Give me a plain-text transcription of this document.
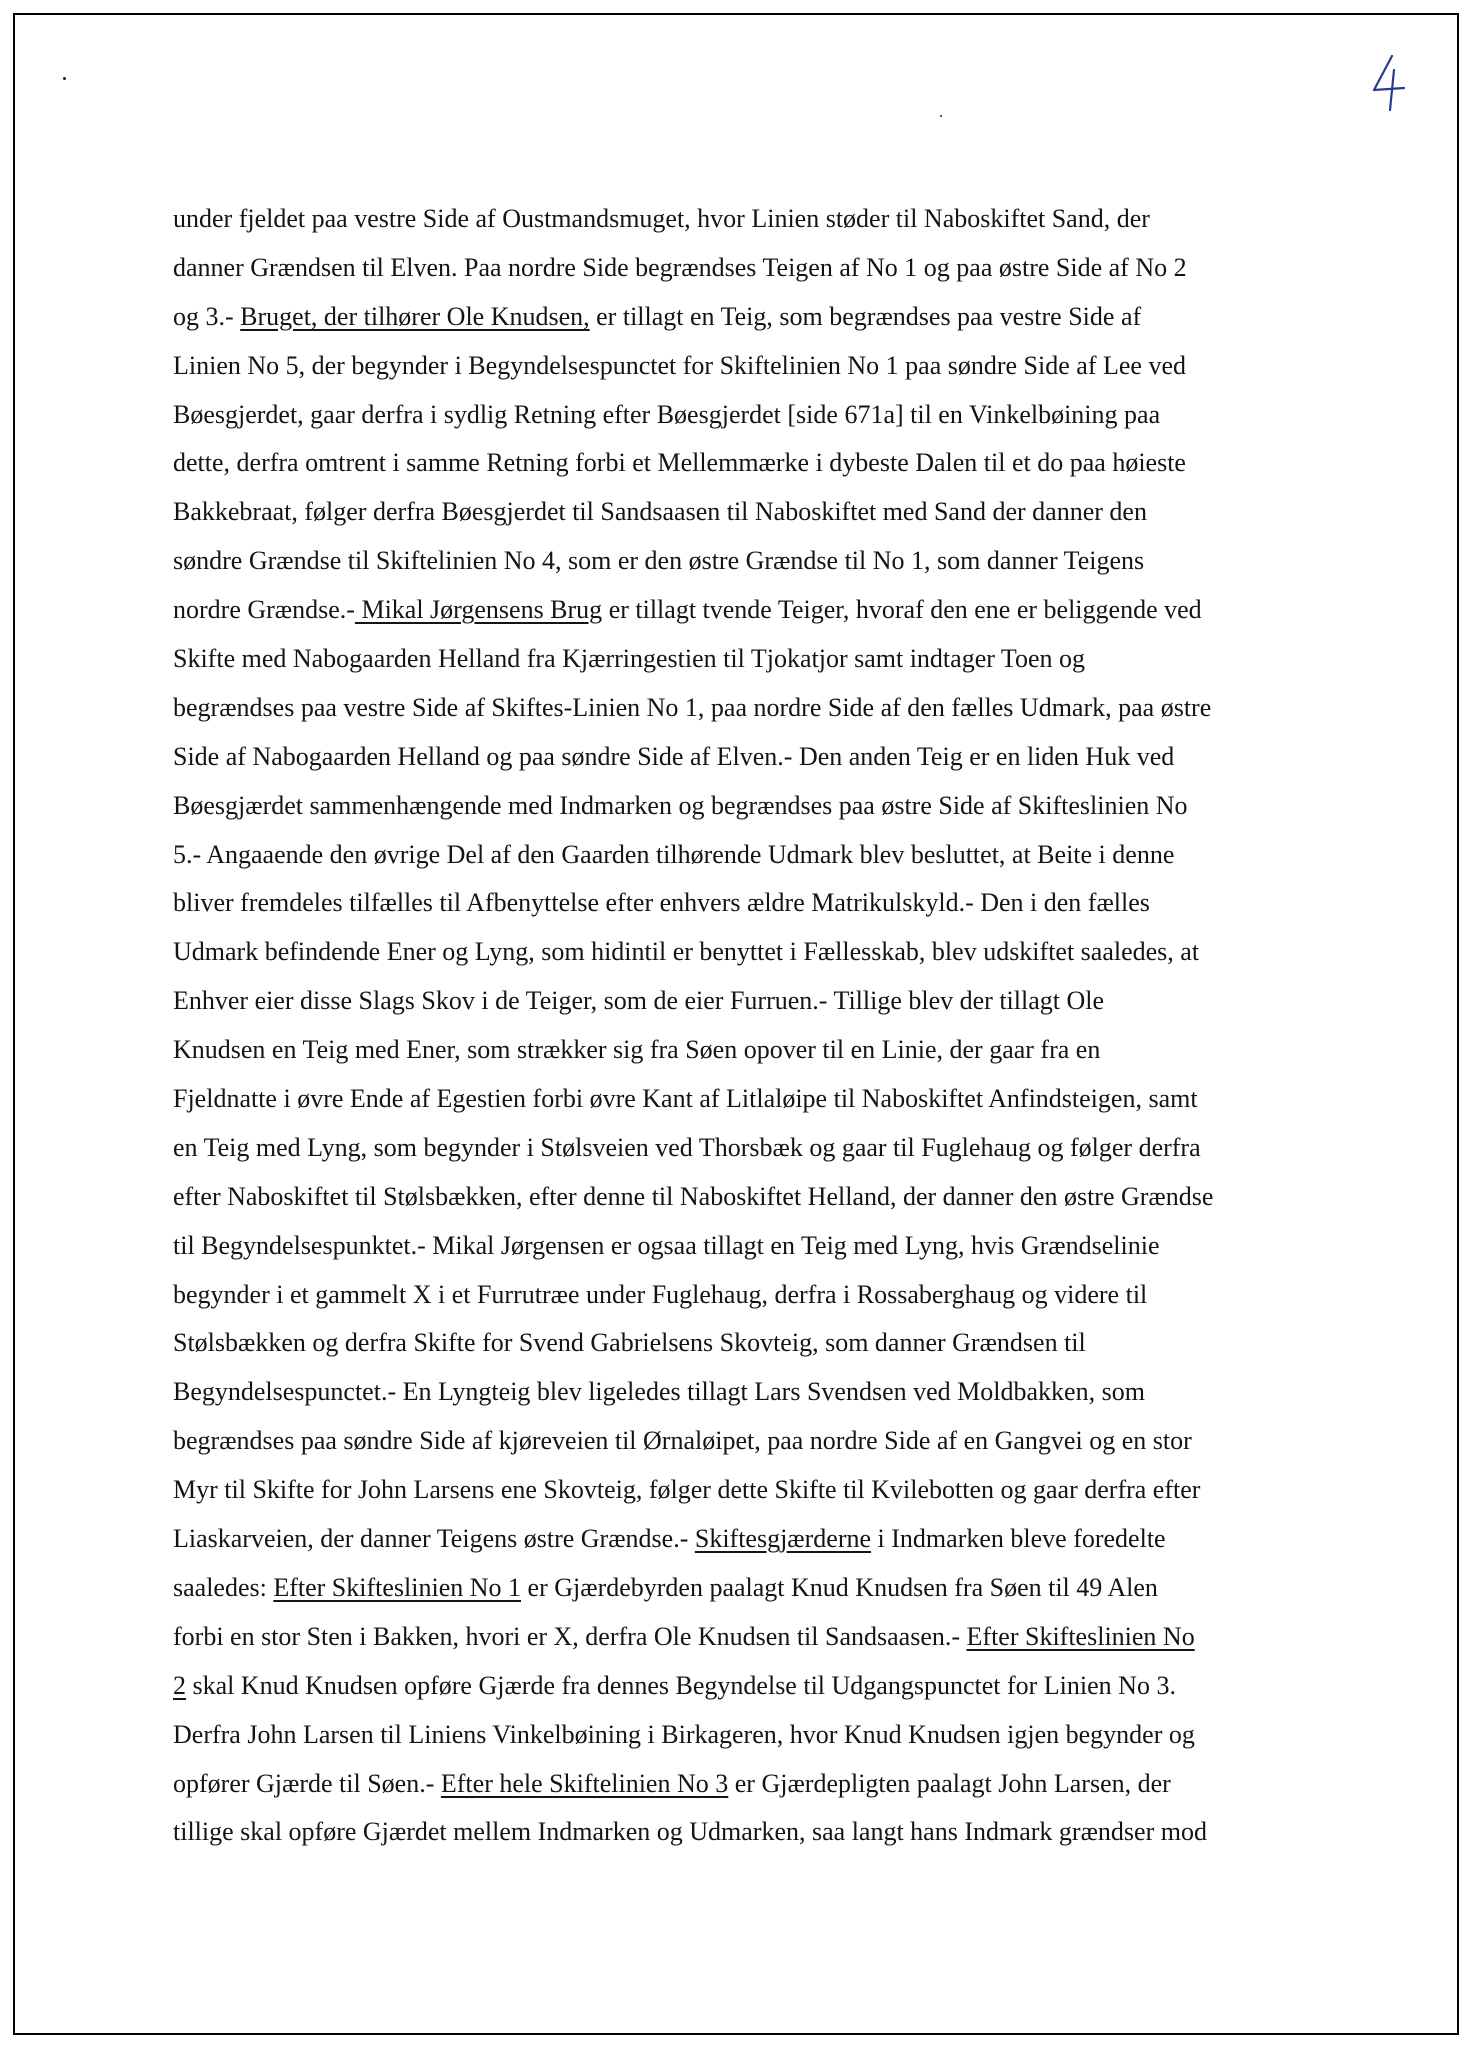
under fjeldet paa vestre Side af Oustmandsmuget, hvor Linien støder til Naboskiftet Sand, der
danner Grændsen til Elven. Paa nordre Side begrændses Teigen af No 1 og paa østre Side af No 2
og 3.- Bruget, der tilhører Ole Knudsen, er tillagt en Teig, som begrændses paa vestre Side af
Linien No 5, der begynder i Begyndelsespunctet for Skiftelinien No 1 paa søndre Side af Lee ved
Bøesgjerdet, gaar derfra i sydlig Retning efter Bøesgjerdet [side 671a] til en Vinkelbøining paa
dette, derfra omtrent i samme Retning forbi et Mellemmærke i dybeste Dalen til et do paa høieste
Bakkebraat, følger derfra Bøesgjerdet til Sandsaasen til Naboskiftet med Sand der danner den
søndre Grændse til Skiftelinien No 4, som er den østre Grændse til No 1, som danner Teigens
nordre Grændse.- Mikal Jørgensens Brug er tillagt tvende Teiger, hvoraf den ene er beliggende ved
Skifte med Nabogaarden Helland fra Kjærringestien til Tjokatjor samt indtager Toen og
begrændses paa vestre Side af Skiftes-Linien No 1, paa nordre Side af den fælles Udmark, paa østre
Side af Nabogaarden Helland og paa søndre Side af Elven.- Den anden Teig er en liden Huk ved
Bøesgjærdet sammenhængende med Indmarken og begrændses paa østre Side af Skifteslinien No
5.- Angaaende den øvrige Del af den Gaarden tilhørende Udmark blev besluttet, at Beite i denne
bliver fremdeles tilfælles til Afbenyttelse efter enhvers ældre Matrikulskyld.- Den i den fælles
Udmark befindende Ener og Lyng, som hidintil er benyttet i Fællesskab, blev udskiftet saaledes, at
Enhver eier disse Slags Skov i de Teiger, som de eier Furruen.- Tillige blev der tillagt Ole
Knudsen en Teig med Ener, som strækker sig fra Søen opover til en Linie, der gaar fra en
Fjeldnatte i øvre Ende af Egestien forbi øvre Kant af Litlaløipe til Naboskiftet Anfindsteigen, samt
en Teig med Lyng, som begynder i Stølsveien ved Thorsbæk og gaar til Fuglehaug og følger derfra
efter Naboskiftet til Stølsbækken, efter denne til Naboskiftet Helland, der danner den østre Grændse
til Begyndelsespunktet.- Mikal Jørgensen er ogsaa tillagt en Teig med Lyng, hvis Grændselinie
begynder i et gammelt X i et Furrutræe under Fuglehaug, derfra i Rossaberghaug og videre til
Stølsbækken og derfra Skifte for Svend Gabrielsens Skovteig, som danner Grændsen til
Begyndelsespunctet.- En Lyngteig blev ligeledes tillagt Lars Svendsen ved Moldbakken, som
begrændses paa søndre Side af kjøreveien til Ørnaløipet, paa nordre Side af en Gangvei og en stor
Myr til Skifte for John Larsens ene Skovteig, følger dette Skifte til Kvilebotten og gaar derfra efter
Liaskarveien, der danner Teigens østre Grændse.- Skiftesgjærderne i Indmarken bleve foredelte
saaledes: Efter Skifteslinien No 1 er Gjærdebyrden paalagt Knud Knudsen fra Søen til 49 Alen
forbi en stor Sten i Bakken, hvori er X, derfra Ole Knudsen til Sandsaasen.- Efter Skifteslinien No
2 skal Knud Knudsen opføre Gjærde fra dennes Begyndelse til Udgangspunctet for Linien No 3.
Derfra John Larsen til Liniens Vinkelbøining i Birkageren, hvor Knud Knudsen igjen begynder og
opfører Gjærde til Søen.- Efter hele Skiftelinien No 3 er Gjærdepligten paalagt John Larsen, der
tillige skal opføre Gjærdet mellem Indmarken og Udmarken, saa langt hans Indmark grændser mod
